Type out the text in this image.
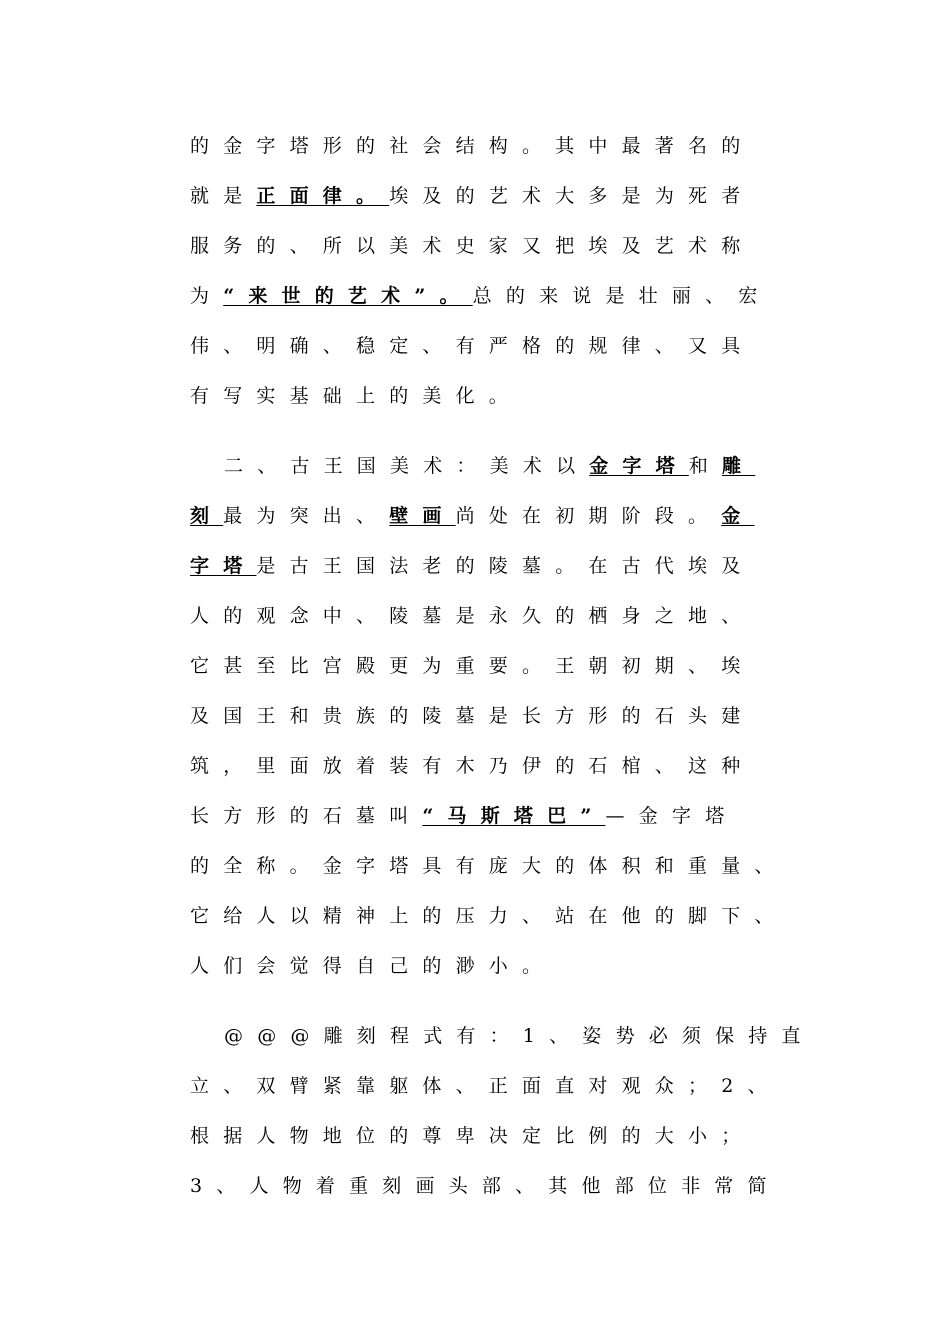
的金字塔形的社会结构。其中最著名的
就是正面律。埃及的艺术大多是为死者
服务的、所以美术史家又把埃及艺术称
为“来世的艺术”。总的来说是壮丽、宏
伟、明确、稳定、有严格的规律、又具
有写实基础上的美化。
二、古王国美术：美术以金字塔和雕
刻最为突出、壁画尚处在初期阶段。金
字塔是古王国法老的陵墓。在古代埃及
人的观念中、陵墓是永久的栖身之地、
它甚至比宫殿更为重要。王朝初期、埃
及国王和贵族的陵墓是长方形的石头建
筑，里面放着装有木乃伊的石棺、这种
长方形的石墓叫“马斯塔巴”—金字塔
的全称。金字塔具有庞大的体积和重量、
它给人以精神上的压力、站在他的脚下、
人们会觉得自己的渺小。
@@@雕刻程式有：1、姿势必须保持直
立、双臂紧靠躯体、正面直对观众；2、
根据人物地位的尊卑决定比例的大小；
3、人物着重刻画头部、其他部位非常简
